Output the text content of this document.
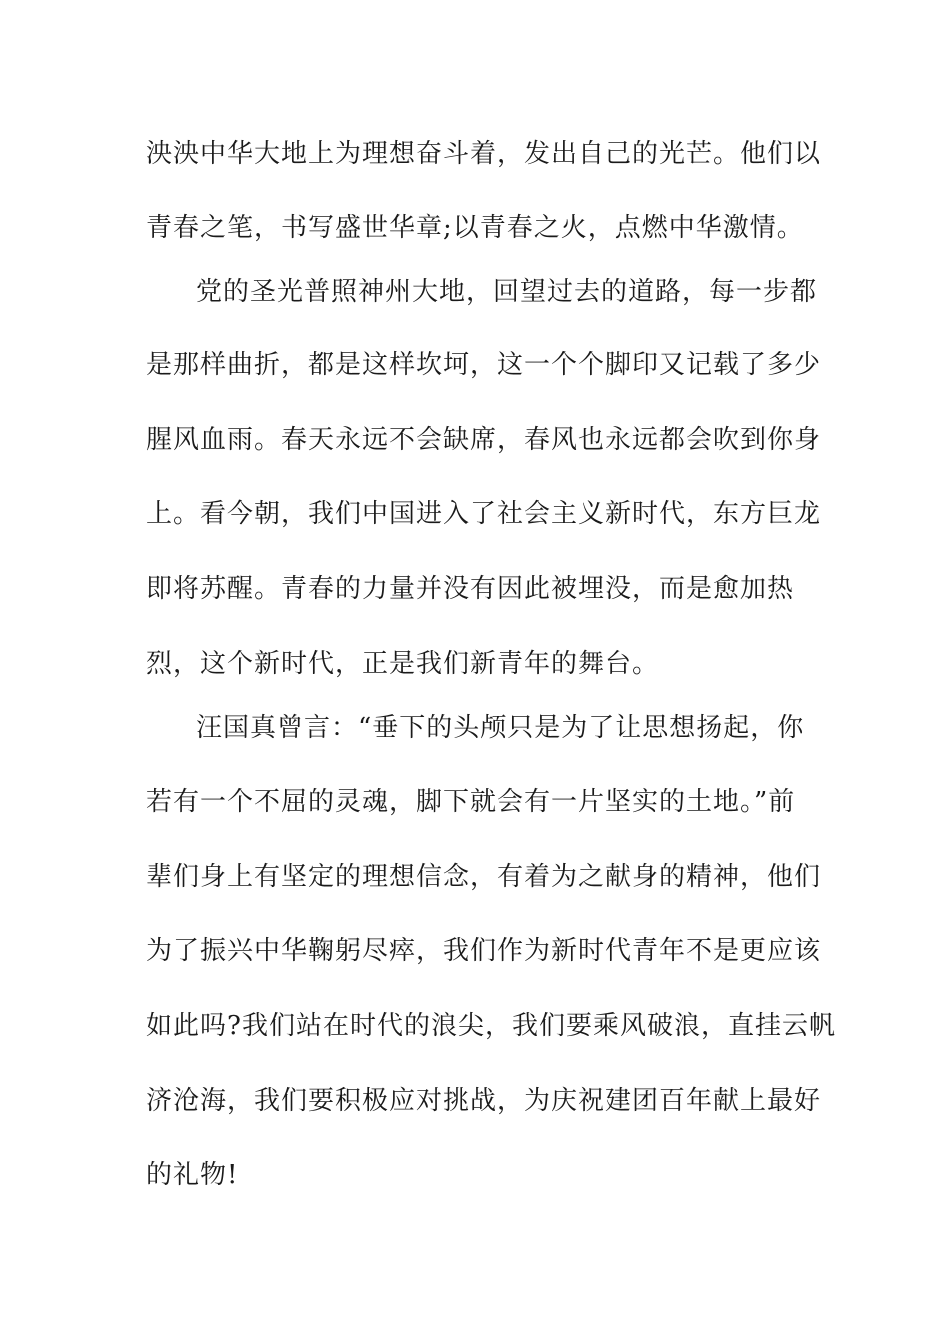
泱泱中华大地上为理想奋斗着，发出自己的光芒。他们以
青春之笔，书写盛世华章;以青春之火，点燃中华激情。
党的圣光普照神州大地，回望过去的道路，每一步都
是那样曲折，都是这样坎坷，这一个个脚印又记载了多少
腥风血雨。春天永远不会缺席，春风也永远都会吹到你身
上。看今朝，我们中国进入了社会主义新时代，东方巨龙
即将苏醒。青春的力量并没有因此被埋没，而是愈加热
烈，这个新时代，正是我们新青年的舞台。
汪国真曾言：“垂下的头颅只是为了让思想扬起，你
若有一个不屈的灵魂，脚下就会有一片坚实的土地。”前
辈们身上有坚定的理想信念，有着为之献身的精神，他们
为了振兴中华鞠躬尽瘁，我们作为新时代青年不是更应该
如此吗?我们站在时代的浪尖，我们要乘风破浪，直挂云帆
济沧海，我们要积极应对挑战，为庆祝建团百年献上最好
的礼物!
